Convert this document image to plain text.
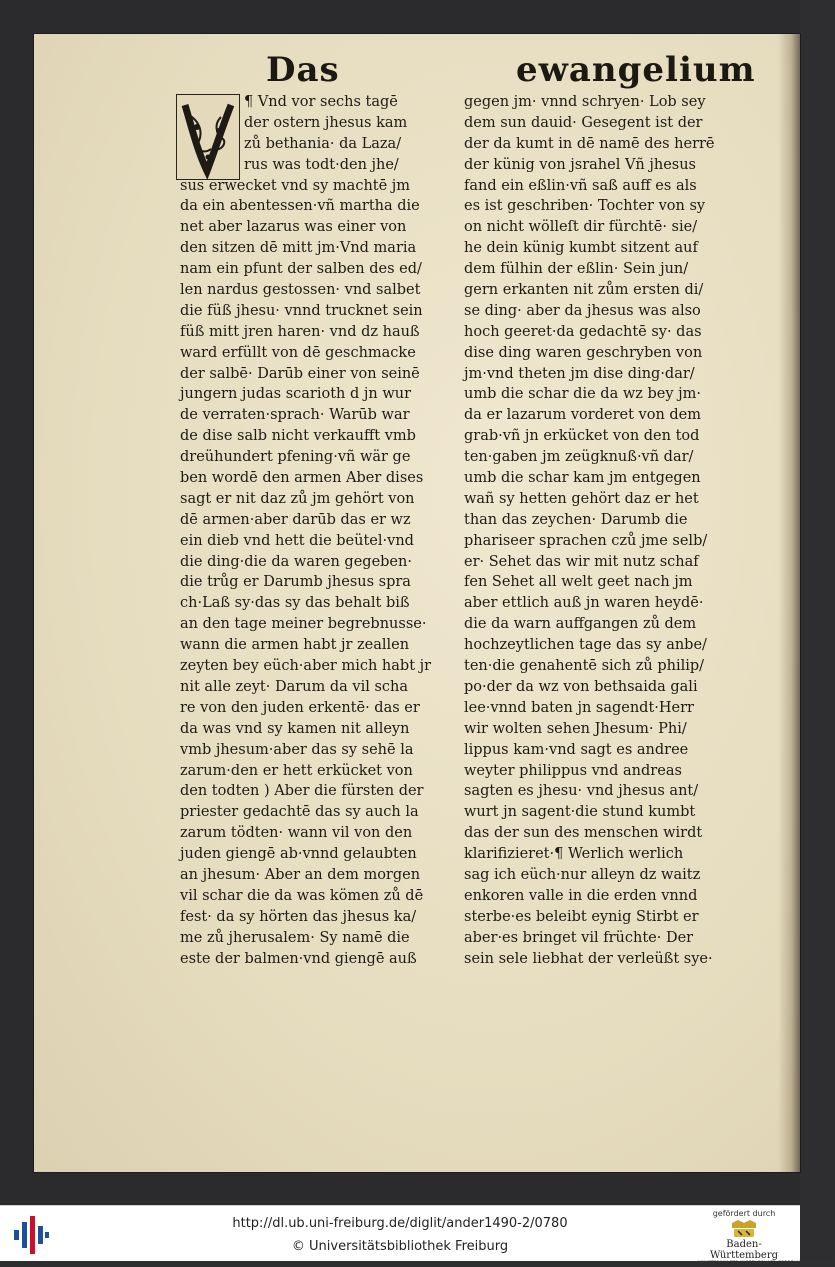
Das	ewangelium
¶ Vnd vor sechs tagē
der ostern jhesus kam
zů bethania· da Laza/
rus was todt·den jhe/
sus erwecket vnd sy machtē jm
da ein abentessen·vñ martha die
net aber lazarus was einer von
den sitzen dē mitt jm·Vnd maria
nam ein pfunt der salben des ed/
len nardus gestossen· vnd salbet
die füß jhesu· vnnd trucknet sein
füß mitt jren haren· vnd dz hauß
ward erfüllt von dē geschmacke
der salbē· Darūb einer von seinē
jungern judas scarioth d jn wur
de verraten·sprach· Warūb war
de dise salb nicht verkaufft vmb
dreühundert pfening·vñ wär ge
ben wordē den armen Aber dises
sagt er nit daz zů jm gehört von
dē armen·aber darūb das er wz
ein dieb vnd hett die beütel·vnd
die ding·die da waren gegeben·
die trůg er Darumb jhesus spra
ch·Laß sy·das sy das behalt biß
an den tage meiner begrebnusse·
wann die armen habt jr zeallen
zeyten bey eüch·aber mich habt jr
nit alle zeyt· Darum da vil scha
re von den juden erkentē· das er
da was vnd sy kamen nit alleyn
vmb jhesum·aber das sy sehē la
zarum·den er hett erkücket von
den todten ) Aber die fürsten der
priester gedachtē das sy auch la
zarum tödten· wann vil von den
juden giengē ab·vnnd gelaubten
an jhesum· Aber an dem morgen
vil schar die da was kömen zů dē
fest· da sy hörten das jhesus ka/
me zů jherusalem· Sy namē die
este der balmen·vnd giengē auß
gegen jm· vnnd schryen· Lob sey
dem sun dauid· Gesegent ist der
der da kumt in dē namē des herrē
der künig von jsrahel Vñ jhesus
fand ein eßlin·vñ saß auff es als
es ist geschriben· Tochter von sy
on nicht wölleſt dir fürchtē· sie/
he dein künig kumbt sitzent auf
dem fülhin der eßlin· Sein jun/
gern erkanten nit zům ersten di/
se ding· aber da jhesus was also
hoch geeret·da gedachtē sy· das
dise ding waren geschryben von
jm·vnd theten jm dise ding·dar/
umb die schar die da wz bey jm·
da er lazarum vorderet von dem
grab·vñ jn erkücket von den tod
ten·gaben jm zeügknuß·vñ dar/
umb die schar kam jm entgegen
wañ sy hetten gehört daz er het
than das zeychen· Darumb die
phariseer sprachen czů jme selb/
er· Sehet das wir mit nutz schaf
fen Sehet all welt geet nach jm
aber ettlich auß jn waren heydē·
die da warn auffgangen zů dem
hochzeytlichen tage das sy anbe/
ten·die genahentē sich zů philip/
po·der da wz von bethsaida gali
lee·vnnd baten jn sagendt·Herr
wir wolten sehen Jhesum· Phi/
lippus kam·vnd sagt es andree
weyter philippus vnd andreas
sagten es jhesu· vnd jhesus ant/
wurt jn sagent·die stund kumbt
das der sun des menschen wirdt
klarifizieret·¶ Werlich werlich
sag ich eüch·nur alleyn dz waitz
enkoren valle in die erden vnnd
sterbe·es beleibt eynig Stirbt er
aber·es bringet vil früchte· Der
sein sele liebhat der verleüßt sye·
http://dl.ub.uni-freiburg.de/diglit/ander1490-2/0780
© Universitätsbibliothek Freiburg
gefördert durch
Baden-Württemberg
MINISTERIUM FÜR WISSENSCHAFT, FORSCHUNG UND KUNST
